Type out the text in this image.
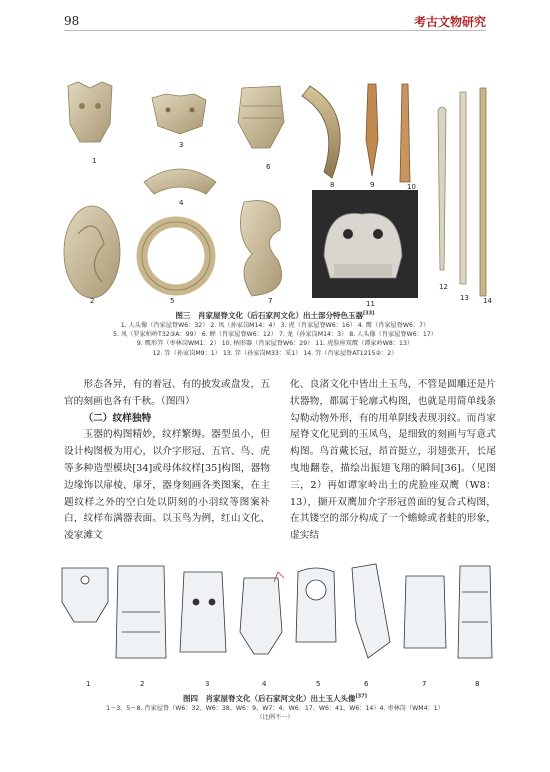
98	考古文物研究
1
3
4
6
8	9	10
2	5	7	11
12
13 14
图三　肖家屋脊文化（后石家河文化）出土部分特色玉器[33]
1. 人头像（肖家屋脊W6：32） 2. 凤（孙家岗M14：4） 3. 虎（肖家屋脊W6：16） 4. 鹰（肖家屋脊W6：7）
5. 凤（罗家柏岭T32③A：99） 6. 蝉（肖家屋脊W6：12） 7. 龙（孙家岗M14：3） 8. 人头像（肖家屋脊W6：17）
9. 鹰形笄（枣林岗WM1：2） 10. 柄形器（肖家屋脊W6：29） 11. 虎脸座双鹰（谭家岭W8：13）
12. 笄（孙家岗M9：1） 13. 笄（孙家岗M33：采1） 14. 笄（肖家屋脊AT1215②：2）

形态各异，有的着冠、有的披发或盘发，五官的刻画也各有千秋。（图四）

（二）纹样独特

玉器的构图精妙，纹样繁缛。器型虽小，但设计构图极为用心，以介字形冠、五官、鸟、虎等多种造型模块[34]或母体纹样[35]构图，器物边缘饰以扉棱、扉牙，器身刻画各类图案，在主题纹样之外的空白处以阴刻的小羽纹等图案补白，纹样布满器表面。以玉鸟为例，红山文化、凌家滩文

化、良渚文化中皆出土玉鸟，不管是圆雕还是片状器物，都属于轮廓式构图，也就是用简单线条勾勒动物外形，有的用单阴线表现羽纹。而肖家屋脊文化见到的玉凤鸟，是细致的刻画与写意式构图。鸟首戴长冠，昂首挺立，羽翅张开，长尾曳地翻卷，描绘出振翅飞翔的瞬间[36]。（见图三，2）再如谭家岭出土的虎脸座双鹰（W8：13），撷开双鹰加介字形冠兽面的复合式构图，在其镂空的部分构成了一个蟾蜍或者蛙的形象，虚实结

1	2	3	4	5	6	7	8
图四　肖家屋脊文化（后石家河文化）出土玉人头像[37]
1～3、5～8. 肖家屋脊（W6：32、W6：38、W6：9、W7：4、W6：17、W6：41、W6：14）4. 枣林岗（WM4：1）
（比例不一）
